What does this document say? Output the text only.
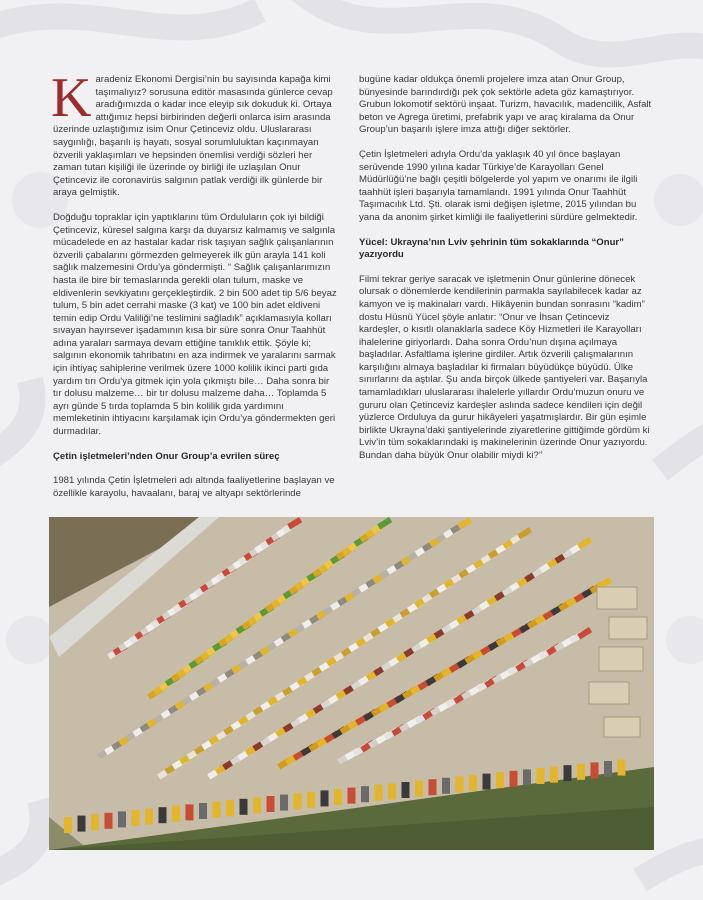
Karadeniz Ekonomi Dergisi’nin bu sayısında kapağa kimi taşımalıyız? sorusuna editör masasında günlerce cevap aradığımızda o kadar ince eleyip sık dokuduk ki. Ortaya attığımız hepsi birbirinden değerli onlarca isim arasında üzerinde uzlaştığımız isim Onur Çetinceviz oldu. Uluslararası saygınlığı, başarılı iş hayatı, sosyal sorumluluktan kaçınmayan özverili yaklaşımları ve hepsinden önemlisi verdiği sözleri her zaman tutan kişiliği ile üzerinde oy birliği ile uzlaşılan Onur Çetinceviz ile coronavirüs salgının patlak verdiği ilk günlerde bir araya gelmiştik.

Doğduğu topraklar için yaptıklarını tüm Orduluların çok iyi bildiği Çetinceviz, küresel salgına karşı da duyarsız kalmamış ve salgınla mücadelede en az hastalar kadar risk taşıyan sağlık çalışanlarının özverili çabalarını görmezden gelmeyerek ilk gün arayla 141 koli sağlık malzemesini Ordu’ya göndermişti. “ Sağlık çalışanlarımızın hasta ile bire bir temaslarında gerekli olan tulum, maske ve eldivenlerin sevkiyatını gerçekleştirdik. 2 bin 500 adet tip 5/6 beyaz tulum, 5 bin adet cerrahi maske (3 kat) ve 100 bin adet eldiveni temin edip Ordu Valiliği’ne teslimini sağladık” açıklamasıyla kolları sıvayan hayırsever işadamının kısa bir süre sonra Onur Taahhüt adına yaraları sarmaya devam ettiğine tanıklık ettik. Şöyle ki; salgının ekonomik tahribatını en aza indirmek ve yaralarını sarmak için ihtiyaç sahiplerine verilmek üzere 1000 kolilik ikinci parti gıda yardım tırı Ordu’ya gitmek için yola çıkmıştı bile… Daha sonra bir tır dolusu malzeme… bir tır dolusu malzeme daha… Toplamda 5 ayrı günde 5 tırda toplamda 5 bin kolilik gıda yardımını memleketinin ihtiyacını karşılamak için Ordu’ya göndermekten geri durmadılar.

Çetin işletmeleri’nden Onur Group’a evrilen süreç

1981 yılında Çetin İşletmeleri adı altında faaliyetlerine başlayan ve özellikle karayolu, havaalanı, baraj ve altyapı sektörlerinde

bugüne kadar oldukça önemli projelere imza atan Onur Group, bünyesinde barındırdığı pek çok sektörle adeta göz kamaştırıyor. Grubun lokomotif sektörü inşaat. Turizm, havacılık, madencilik, Asfalt beton ve Agrega üretimi, prefabrik yapı ve araç kiralama da Onur Group’un başarılı işlere imza attığı diğer sektörler.

Çetin İşletmeleri adıyla Ordu’da yaklaşık 40 yıl önce başlayan serüvende 1990 yılına kadar Türkiye’de Karayolları Genel Müdürlüğü’ne bağlı çeşitli bölgelerde yol yapım ve onarımı ile ilgili taahhüt işleri başarıyla tamamlandı. 1991 yılında Onur Taahhüt Taşımacılık Ltd. Şti. olarak ismi değişen işletme, 2015 yılından bu yana da anonim şirket kimliği ile faaliyetlerini sürdüre gelmektedir.

Yücel: Ukrayna’nın Lviv şehrinin tüm sokaklarında “Onur” yazıyordu

Filmi tekrar geriye saracak ve işletmenin Onur günlerine dönecek olursak o dönemlerde kendilerinin parmakla sayılabilecek kadar az kamyon ve iş makinaları vardı. Hikâyenin bundan sonrasını “kadim” dostu Hüsnü Yücel şöyle anlatır: “Onur ve İhsan Çetinceviz kardeşler, o kısıtlı olanaklarla sadece Köy Hizmetleri ile Karayolları ihalelerine giriyorlardı. Daha sonra Ordu’nun dışına açılmaya başladılar. Asfaltlama işlerine girdiler. Artık özverili çalışmalarının karşılığını almaya başladılar ki firmaları büyüdükçe büyüdü. Ülke sınırlarını da aştılar. Şu anda birçok ülkede şantiyeleri var. Başarıyla tamamladıkları uluslararası ihalelerle yıllardır Ordu’muzun onuru ve gururu olan Çetinceviz kardeşler aslında sadece kendileri için değil yüzlerce Orduluya da gurur hikâyeleri yaşatmışlardır. Bir gün eşimle birlikte Ukrayna’daki şantiyelerinde ziyaretlerine gittiğimde gördüm ki Lviv’in tüm sokaklarındaki iş makinelerinin üzerinde Onur yazıyordu. Bundan daha büyük Onur olabilir miydi ki?’’
